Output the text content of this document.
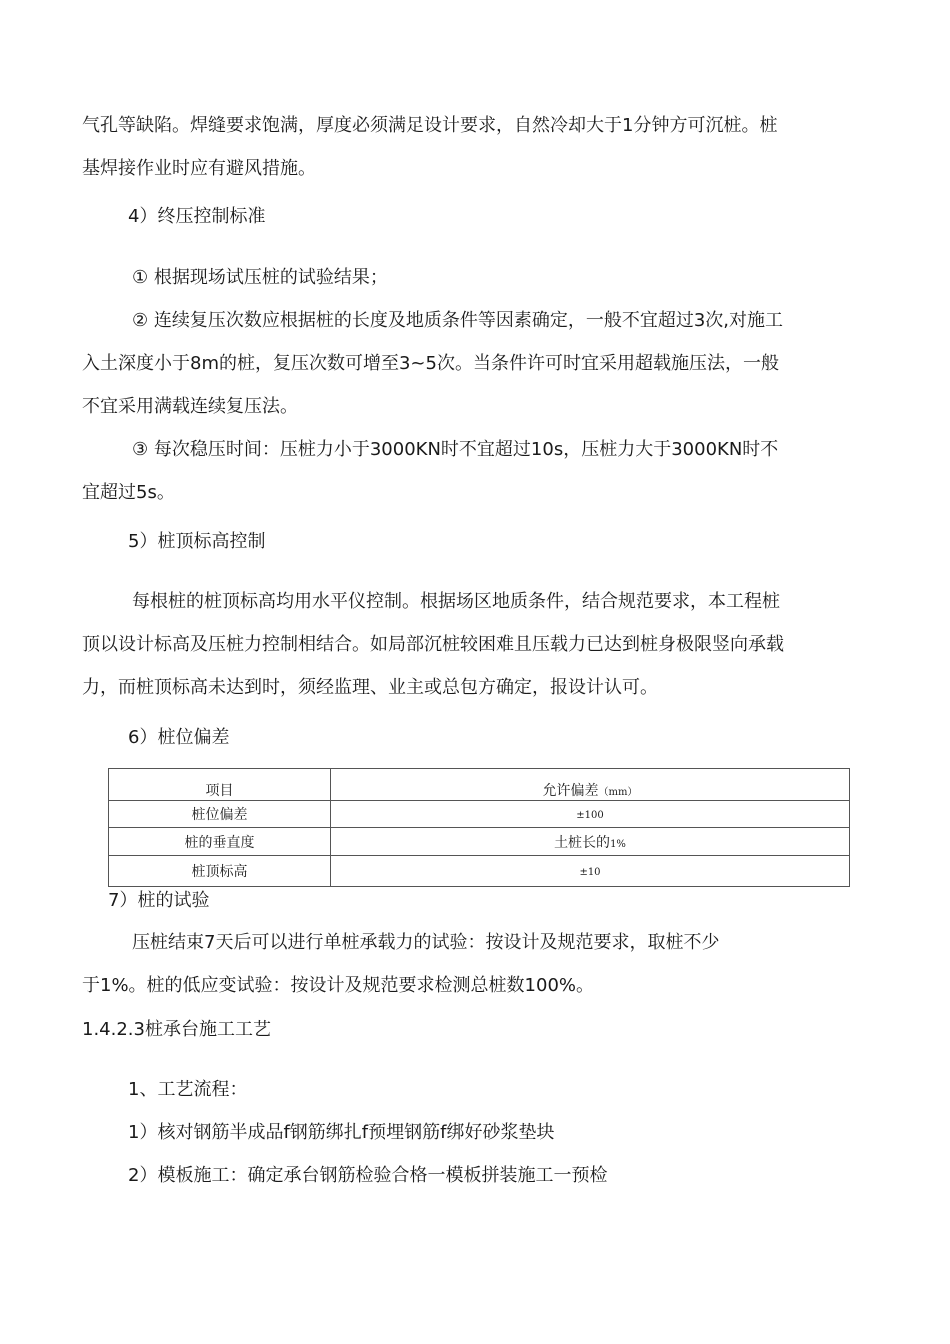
气孔等缺陷。焊缝要求饱满，厚度必须满足设计要求，自然冷却大于1分钟方可沉桩。桩
基焊接作业时应有避风措施。
4）终压控制标准
① 根据现场试压桩的试验结果；
② 连续复压次数应根据桩的长度及地质条件等因素确定，一般不宜超过3次,对施工
入土深度小于8m的桩，复压次数可增至3~5次。当条件许可时宜采用超载施压法，一般
不宜采用满载连续复压法。
③ 每次稳压时间：压桩力小于3000KN时不宜超过10s，压桩力大于3000KN时不
宜超过5s。
5）桩顶标高控制
每根桩的桩顶标高均用水平仪控制。根据场区地质条件，结合规范要求，本工程桩
顶以设计标高及压桩力控制相结合。如局部沉桩较困难且压载力已达到桩身极限竖向承载
力，而桩顶标高未达到时，须经监理、业主或总包方确定，报设计认可。
6）桩位偏差
项目	允许偏差（mm）
桩位偏差	±100
桩的垂直度	土桩长的1%
桩顶标高	±10
7）桩的试验
压桩结束7天后可以进行单桩承载力的试验：按设计及规范要求，取桩不少
于1%。桩的低应变试验：按设计及规范要求检测总桩数100%。
1.4.2.3桩承台施工工艺
1、工艺流程：
1）核对钢筋半成品f钢筋绑扎f预埋钢筋f绑好砂浆垫块
2）模板施工：确定承台钢筋检验合格一模板拼装施工一预检
